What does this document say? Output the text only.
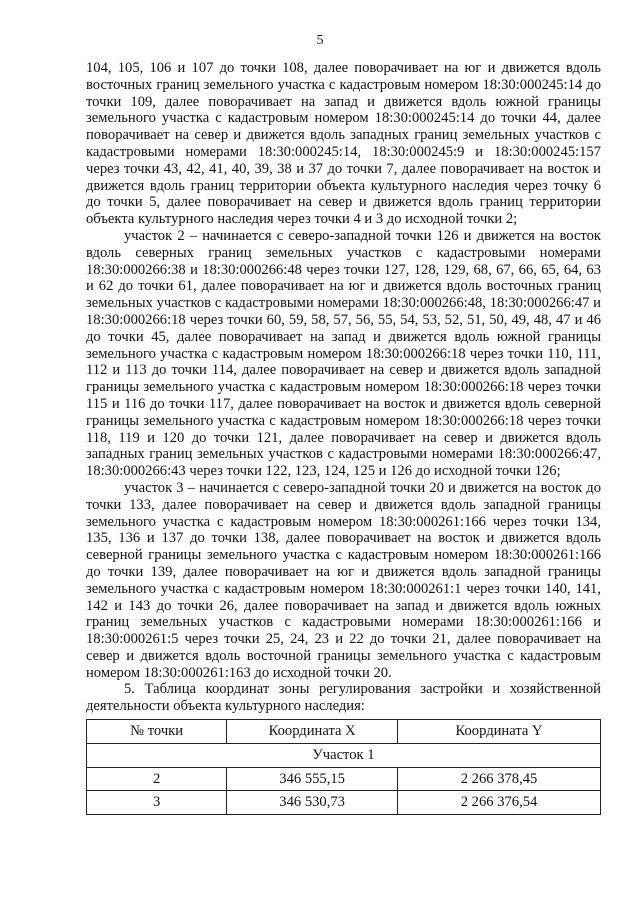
5

104, 105, 106 и 107 до точки 108, далее поворачивает на юг и движется вдоль восточных границ земельного участка с кадастровым номером 18:30:000245:14 до точки 109, далее поворачивает на запад и движется вдоль южной границы земельного участка с кадастровым номером 18:30:000245:14 до точки 44, далее поворачивает на север и движется вдоль западных границ земельных участков с кадастровыми номерами 18:30:000245:14, 18:30:000245:9 и 18:30:000245:157 через точки 43, 42, 41, 40, 39, 38 и 37 до точки 7, далее поворачивает на восток и движется вдоль границ территории объекта культурного наследия через точку 6 до точки 5, далее поворачивает на север и движется вдоль границ территории объекта культурного наследия через точки 4 и 3 до исходной точки 2;

участок 2 – начинается с северо-западной точки 126 и движется на восток вдоль северных границ земельных участков с кадастровыми номерами 18:30:000266:38 и 18:30:000266:48 через точки 127, 128, 129, 68, 67, 66, 65, 64, 63 и 62 до точки 61, далее поворачивает на юг и движется вдоль восточных границ земельных участков с кадастровыми номерами 18:30:000266:48, 18:30:000266:47 и 18:30:000266:18 через точки 60, 59, 58, 57, 56, 55, 54, 53, 52, 51, 50, 49, 48, 47 и 46 до точки 45, далее поворачивает на запад и движется вдоль южной границы земельного участка с кадастровым номером 18:30:000266:18 через точки 110, 111, 112 и 113 до точки 114, далее поворачивает на север и движется вдоль западной границы земельного участка с кадастровым номером 18:30:000266:18 через точки 115 и 116 до точки 117, далее поворачивает на восток и движется вдоль северной границы земельного участка с кадастровым номером 18:30:000266:18 через точки 118, 119 и 120 до точки 121, далее поворачивает на север и движется вдоль западных границ земельных участков с кадастровыми номерами 18:30:000266:47, 18:30:000266:43 через точки 122, 123, 124, 125 и 126 до исходной точки 126;

участок 3 – начинается с северо-западной точки 20 и движется на восток до точки 133, далее поворачивает на север и движется вдоль западной границы земельного участка с кадастровым номером 18:30:000261:166 через точки 134, 135, 136 и 137 до точки 138, далее поворачивает на восток и движется вдоль северной границы земельного участка с кадастровым номером 18:30:000261:166 до точки 139, далее поворачивает на юг и движется вдоль западной границы земельного участка с кадастровым номером 18:30:000261:1 через точки 140, 141, 142 и 143 до точки 26, далее поворачивает на запад и движется вдоль южных границ земельных участков с кадастровыми номерами 18:30:000261:166 и 18:30:000261:5 через точки 25, 24, 23 и 22 до точки 21, далее поворачивает на север и движется вдоль восточной границы земельного участка с кадастровым номером 18:30:000261:163 до исходной точки 20.

5. Таблица координат зоны регулирования застройки и хозяйственной деятельности объекта культурного наследия:

№ точки	Координата X	Координата Y
Участок 1		
2	346 555,15	2 266 378,45
3	346 530,73	2 266 376,54
